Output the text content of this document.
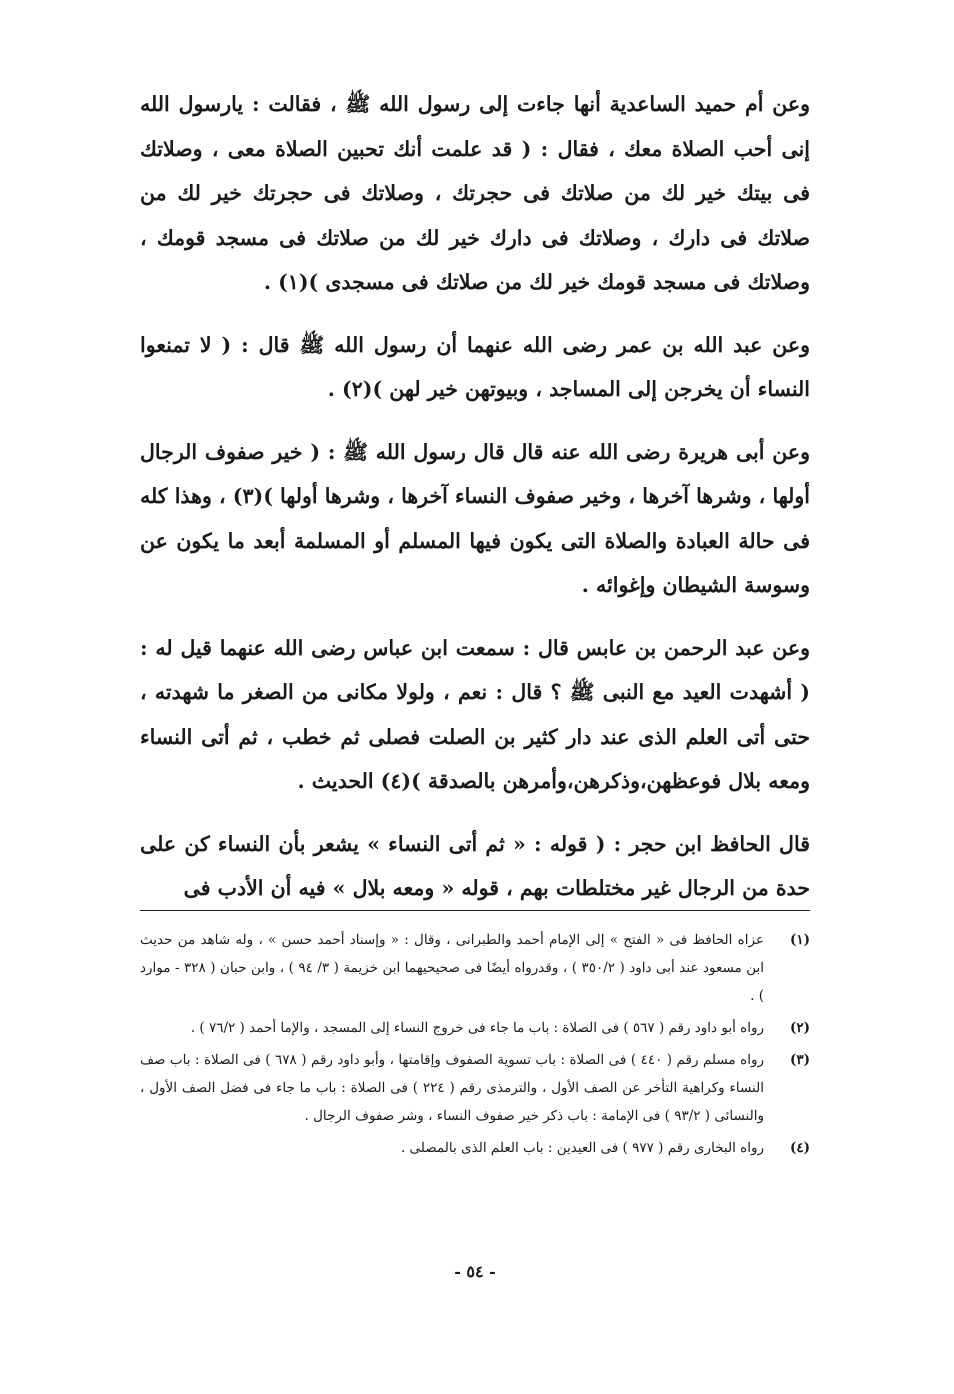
وعن أم حميد الساعدية أنها جاءت إلى رسول الله ﷺ ، فقالت : يارسول الله إنى أحب الصلاة معك ، فقال : ( قد علمت أنك تحبين الصلاة معى ، وصلاتك فى بيتك خير لك من صلاتك فى حجرتك ، وصلاتك فى حجرتك خير لك من صلاتك فى دارك ، وصلاتك فى دارك خير لك من صلاتك فى مسجد قومك ، وصلاتك فى مسجد قومك خير لك من صلاتك فى مسجدى )(١) .

وعن عبد الله بن عمر رضى الله عنهما أن رسول الله ﷺ قال : ( لا تمنعوا النساء أن يخرجن إلى المساجد ، وبيوتهن خير لهن )(٢) .

وعن أبى هريرة رضى الله عنه قال قال رسول الله ﷺ : ( خير صفوف الرجال أولها ، وشرها آخرها ، وخير صفوف النساء آخرها ، وشرها أولها )(٣) ، وهذا كله فى حالة العبادة والصلاة التى يكون فيها المسلم أو المسلمة أبعد ما يكون عن وسوسة الشيطان وإغوائه .

وعن عبد الرحمن بن عابس قال : سمعت ابن عباس رضى الله عنهما قيل له : ( أشهدت العيد مع النبى ﷺ ؟ قال : نعم ، ولولا مكانى من الصغر ما شهدته ، حتى أتى العلم الذى عند دار كثير بن الصلت فصلى ثم خطب ، ثم أتى النساء ومعه بلال فوعظهن،وذكرهن،وأمرهن بالصدقة )(٤) الحديث .

قال الحافظ ابن حجر : ( قوله : « ثم أتى النساء » يشعر بأن النساء كن على حدة من الرجال غير مختلطات بهم ، قوله « ومعه بلال » فيه أن الأدب فى

(١)
عزاه الحافظ فى « الفتح » إلى الإمام أحمد والطبرانى ، وقال : « وإسناد أحمد حسن » ، وله شاهد من حديث ابن مسعود عند أبى داود ( ٣٥٠/٢ ) ، وقدرواه أيضًا فى صحيحيهما ابن خزيمة ( ٣/ ٩٤ ) ، وابن حبان ( ٣٢٨ - موارد ) .
(٢)
رواه أبو داود رقم ( ٥٦٧ ) فى الصلاة : باب ما جاء فى خروج النساء إلى المسجد ، والإما أحمد ( ٧٦/٢ ) .
(٣)
رواه مسلم رقم ( ٤٤٠ ) فى الصلاة : باب تسوية الصفوف وإقامتها ، وأبو داود رقم ( ٦٧٨ ) فى الصلاة : باب صف النساء وكراهية التأخر عن الصف الأول ، والترمذى رقم ( ٢٢٤ ) فى الصلاة : باب ما جاء فى فضل الصف الأول ، والنسائى ( ٩٣/٢ ) فى الإمامة : باب ذكر خير صفوف النساء ، وشر صفوف الرجال .
(٤)
رواه البخارى رقم ( ٩٧٧ ) فى العيدين : باب العلم الذى بالمصلى .
- ٥٤ -
